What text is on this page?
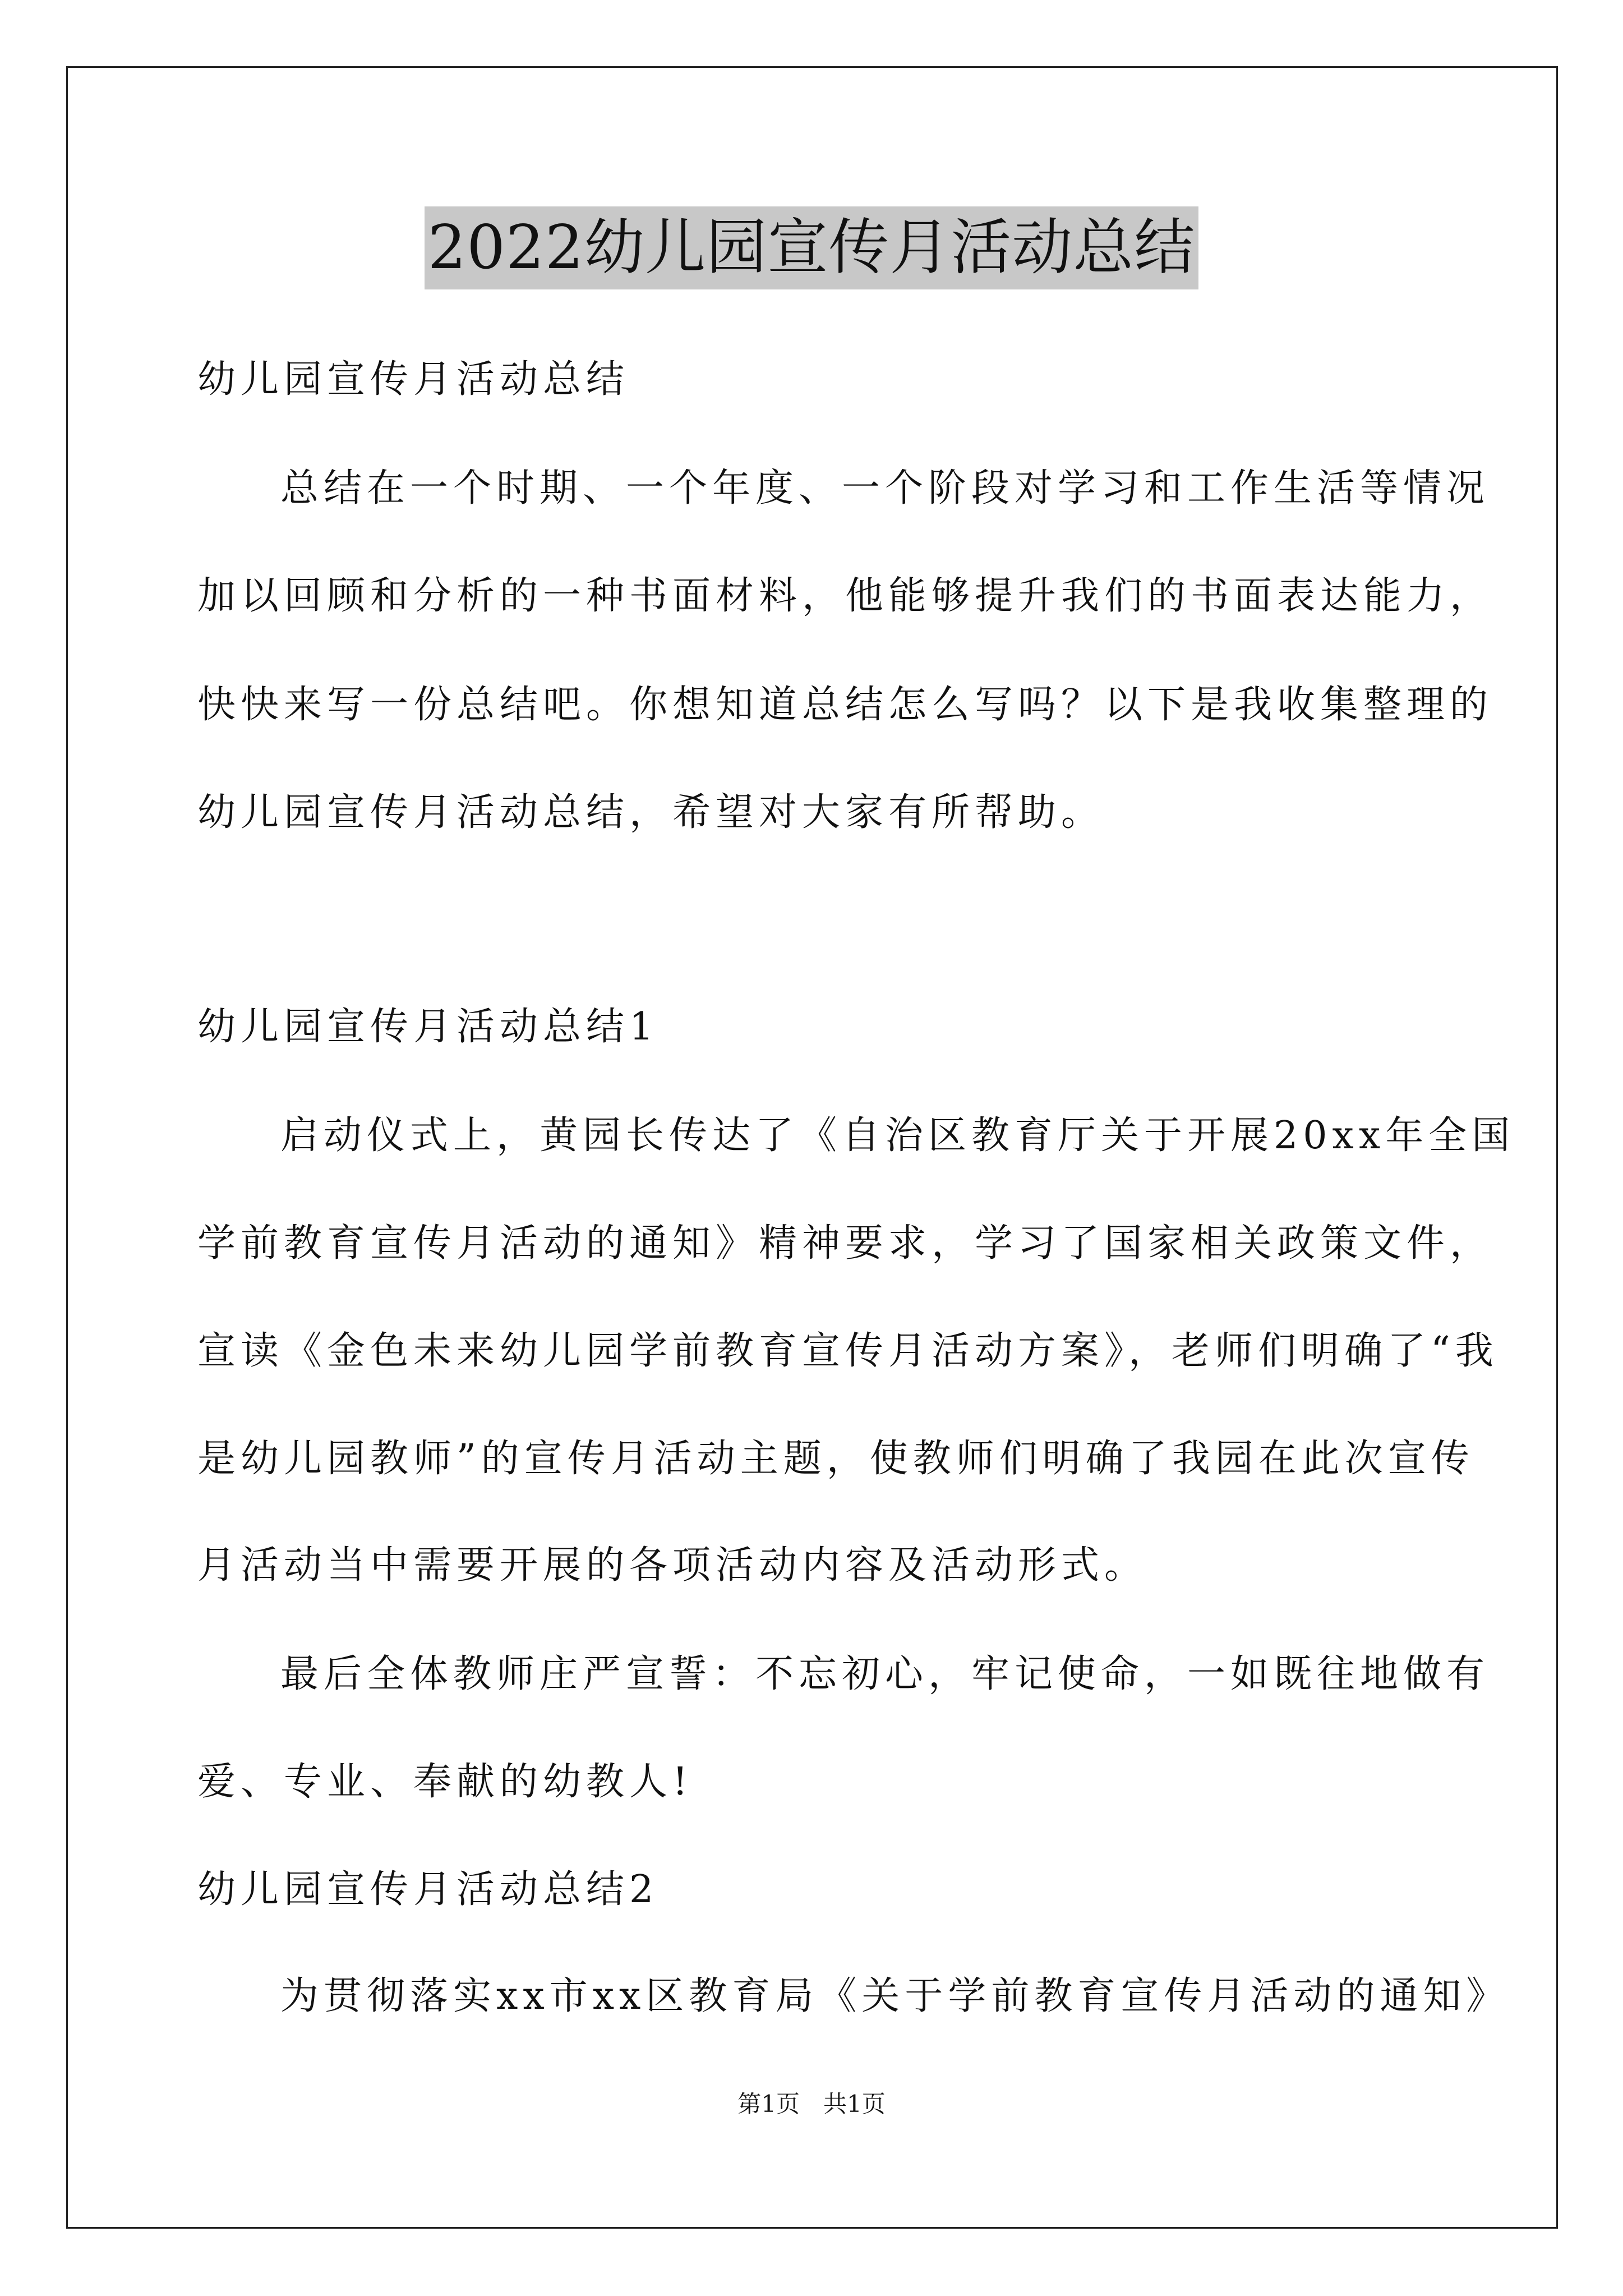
2022幼儿园宣传月活动总结
幼儿园宣传月活动总结
总结在一个时期、一个年度、一个阶段对学习和工作生活等情况
加以回顾和分析的一种书面材料，他能够提升我们的书面表达能力，
快快来写一份总结吧。你想知道总结怎么写吗？以下是我收集整理的
幼儿园宣传月活动总结，希望对大家有所帮助。
幼儿园宣传月活动总结1
启动仪式上，黄园长传达了《自治区教育厅关于开展20xx年全国
学前教育宣传月活动的通知》精神要求，学习了国家相关政策文件，
宣读《金色未来幼儿园学前教育宣传月活动方案》，老师们明确了“我
是幼儿园教师”的宣传月活动主题，使教师们明确了我园在此次宣传
月活动当中需要开展的各项活动内容及活动形式。
最后全体教师庄严宣誓：不忘初心，牢记使命，一如既往地做有
爱、专业、奉献的幼教人!
幼儿园宣传月活动总结2
为贯彻落实xx市xx区教育局《关于学前教育宣传月活动的通知》
第1页　共1页
